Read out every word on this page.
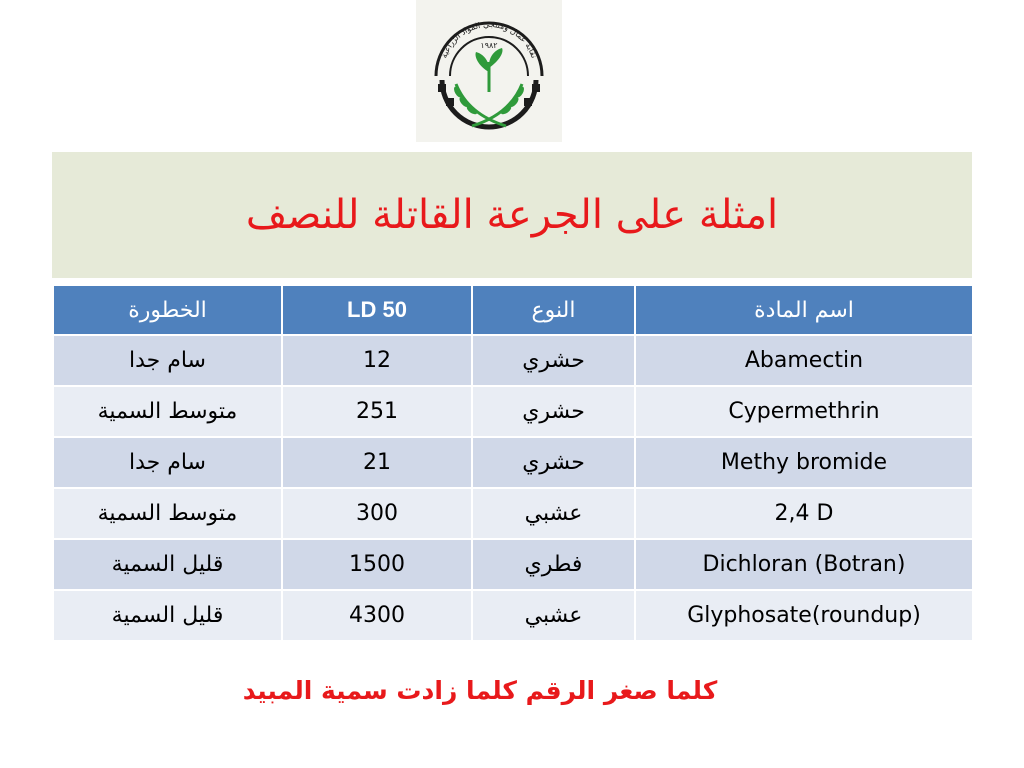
نقابة عمال ومنتجي المواد الزراعية
١٩٨٢
امثلة على الجرعة القاتلة للنصف
الخطورة	LD 50	النوع	اسم المادة
سام جدا	12	حشري	Abamectin
متوسط السمية	251	حشري	Cypermethrin
سام جدا	21	حشري	Methy bromide
متوسط السمية	300	عشبي	2,4 D
قليل السمية	1500	فطري	Dichloran (Botran)
قليل السمية	4300	عشبي	Glyphosate(roundup)
كلما صغر الرقم كلما زادت سمية المبيد
